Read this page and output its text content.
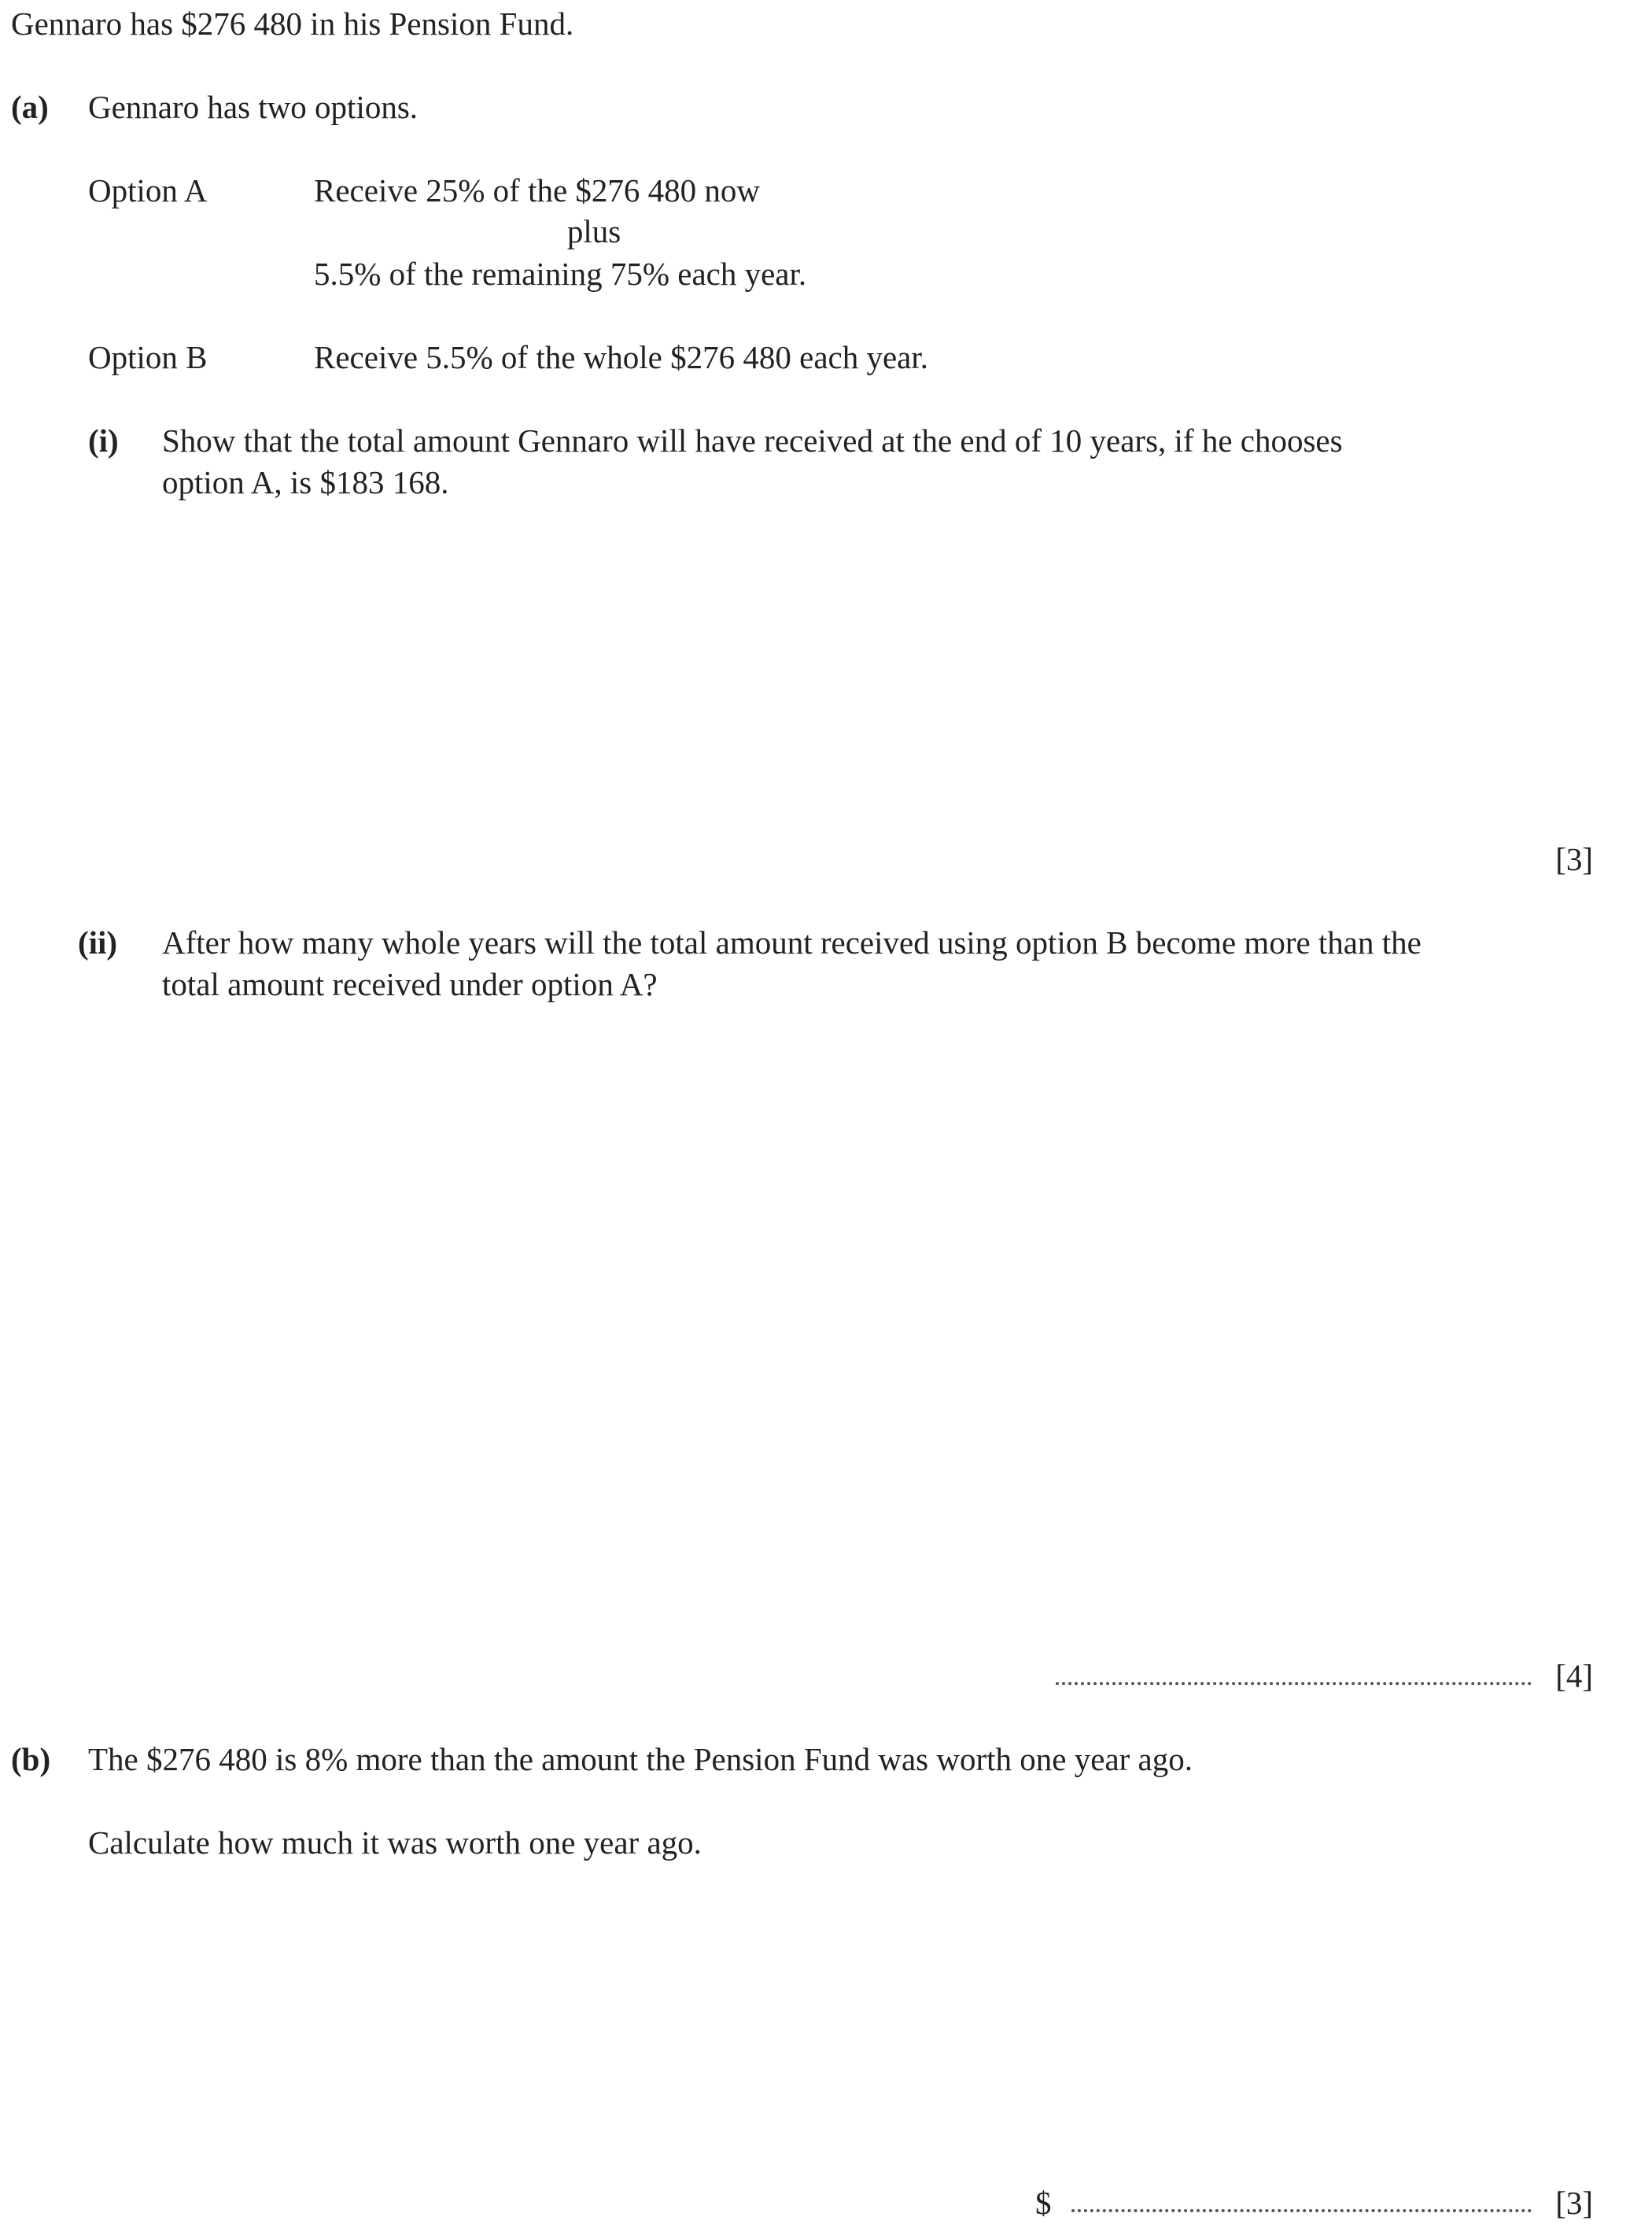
Gennaro has $276 480 in his Pension Fund.
(a) Gennaro has two options.
Option A	Receive 25% of the $276 480 now
plus
5.5% of the remaining 75% each year.
Option B	Receive 5.5% of the whole $276 480 each year.
(i) Show that the total amount Gennaro will have received at the end of 10 years, if he chooses
option A, is $183 168.
[3]
(ii) After how many whole years will the total amount received using option B become more than the
total amount received under option A?
[4]
(b) The $276 480 is 8% more than the amount the Pension Fund was worth one year ago.
Calculate how much it was worth one year ago.
$	[3]
